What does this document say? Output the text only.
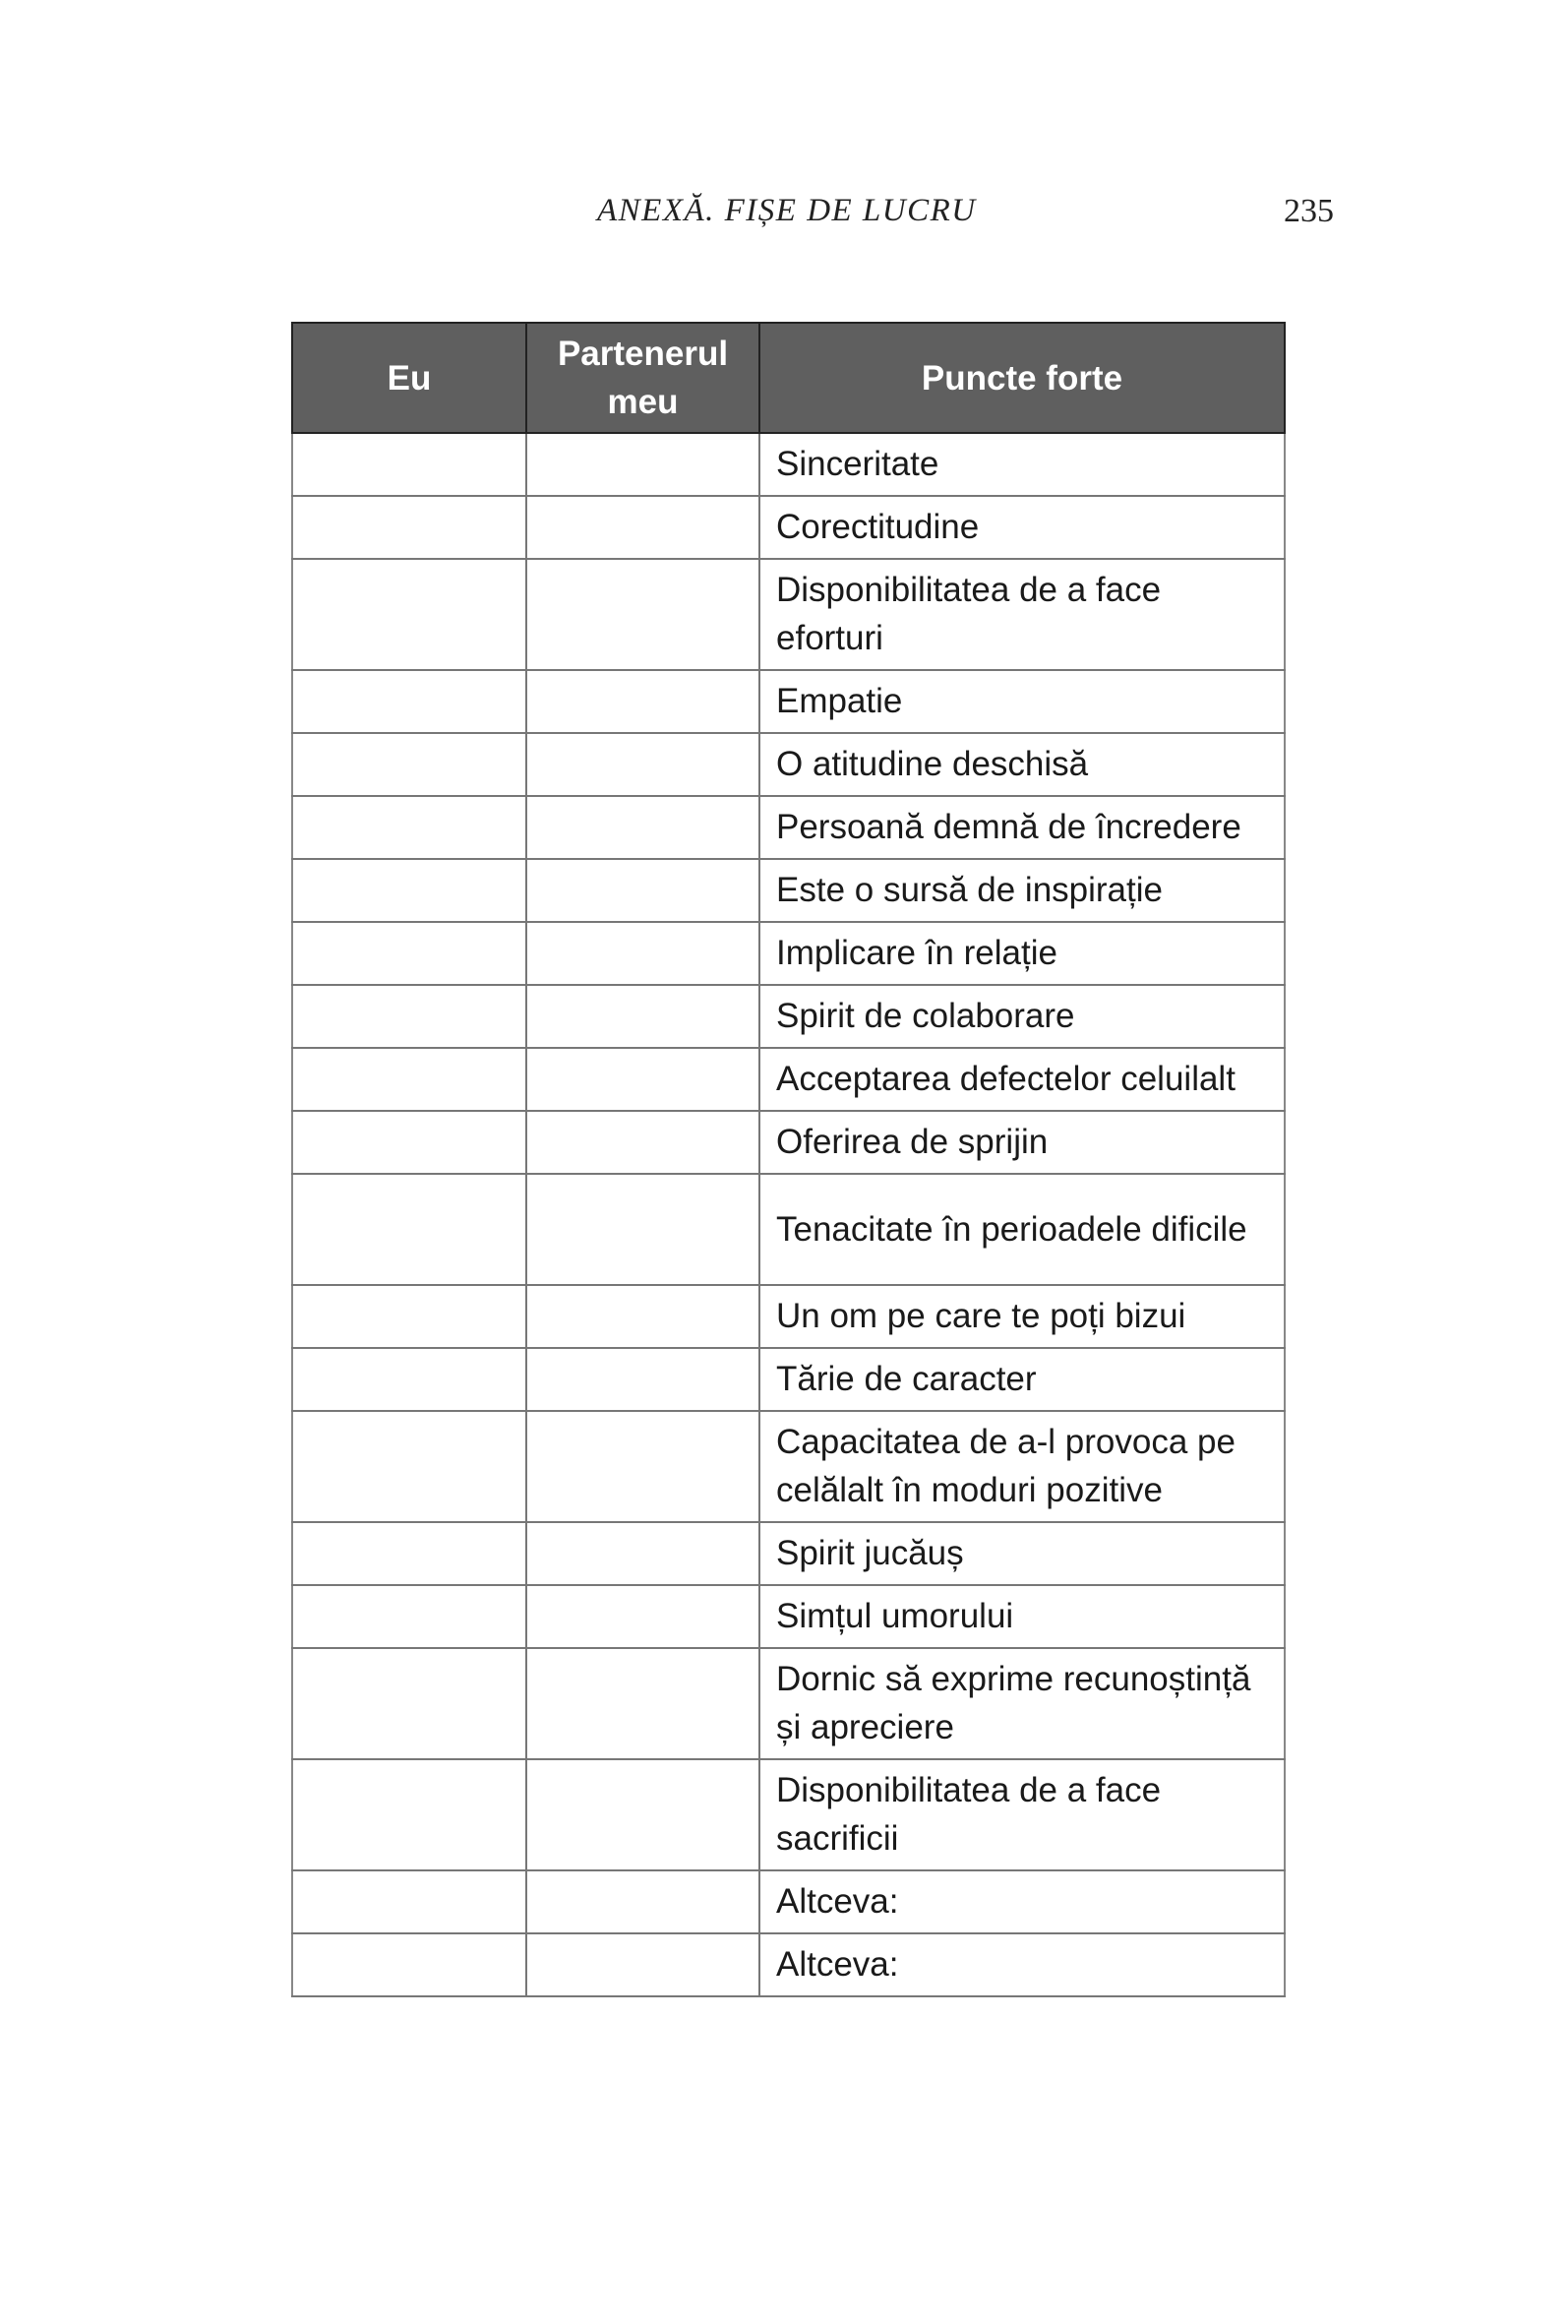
ANEXĂ. FIȘE DE LUCRU	235
Eu	Partenerul meu	Puncte forte
		Sinceritate
		Corectitudine
		Disponibilitatea de a face eforturi
		Empatie
		O atitudine deschisă
		Persoană demnă de încredere
		Este o sursă de inspirație
		Implicare în relație
		Spirit de colaborare
		Acceptarea defectelor celuilalt
		Oferirea de sprijin
		Tenacitate în perioadele dificile
		Un om pe care te poți bizui
		Tărie de caracter
		Capacitatea de a-l provoca pe celălalt în moduri pozitive
		Spirit jucăuș
		Simțul umorului
		Dornic să exprime recunoștință și apreciere
		Disponibilitatea de a face sacrificii
		Altceva:
		Altceva:
